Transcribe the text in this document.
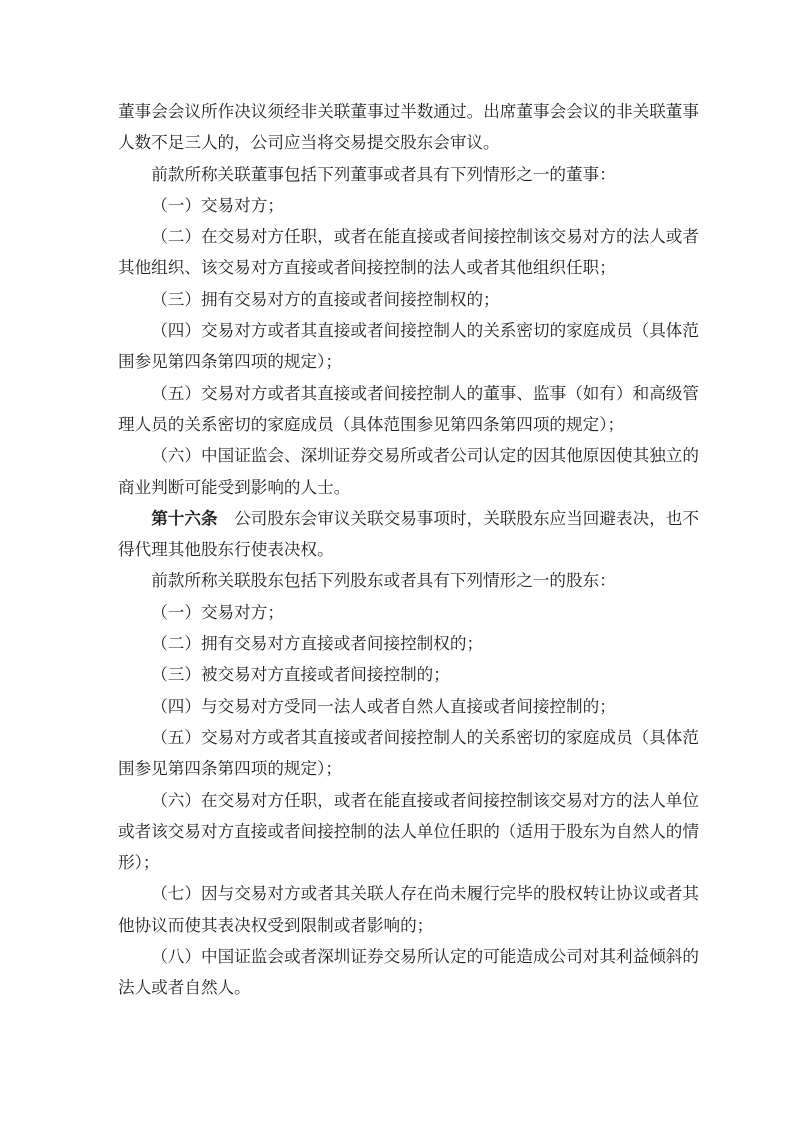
董事会会议所作决议须经非关联董事过半数通过。出席董事会会议的非关联董事
人数不足三人的，公司应当将交易提交股东会审议。
前款所称关联董事包括下列董事或者具有下列情形之一的董事：
（一）交易对方；
（二）在交易对方任职，或者在能直接或者间接控制该交易对方的法人或者
其他组织、该交易对方直接或者间接控制的法人或者其他组织任职；
（三）拥有交易对方的直接或者间接控制权的；
（四）交易对方或者其直接或者间接控制人的关系密切的家庭成员（具体范
围参见第四条第四项的规定）；
（五）交易对方或者其直接或者间接控制人的董事、监事（如有）和高级管
理人员的关系密切的家庭成员（具体范围参见第四条第四项的规定）；
（六）中国证监会、深圳证券交易所或者公司认定的因其他原因使其独立的
商业判断可能受到影响的人士。
第十六条　公司股东会审议关联交易事项时，关联股东应当回避表决，也不
得代理其他股东行使表决权。
前款所称关联股东包括下列股东或者具有下列情形之一的股东：
（一）交易对方；
（二）拥有交易对方直接或者间接控制权的；
（三）被交易对方直接或者间接控制的；
（四）与交易对方受同一法人或者自然人直接或者间接控制的；
（五）交易对方或者其直接或者间接控制人的关系密切的家庭成员（具体范
围参见第四条第四项的规定）；
（六）在交易对方任职，或者在能直接或者间接控制该交易对方的法人单位
或者该交易对方直接或者间接控制的法人单位任职的（适用于股东为自然人的情
形）；
（七）因与交易对方或者其关联人存在尚未履行完毕的股权转让协议或者其
他协议而使其表决权受到限制或者影响的；
（八）中国证监会或者深圳证券交易所认定的可能造成公司对其利益倾斜的
法人或者自然人。
